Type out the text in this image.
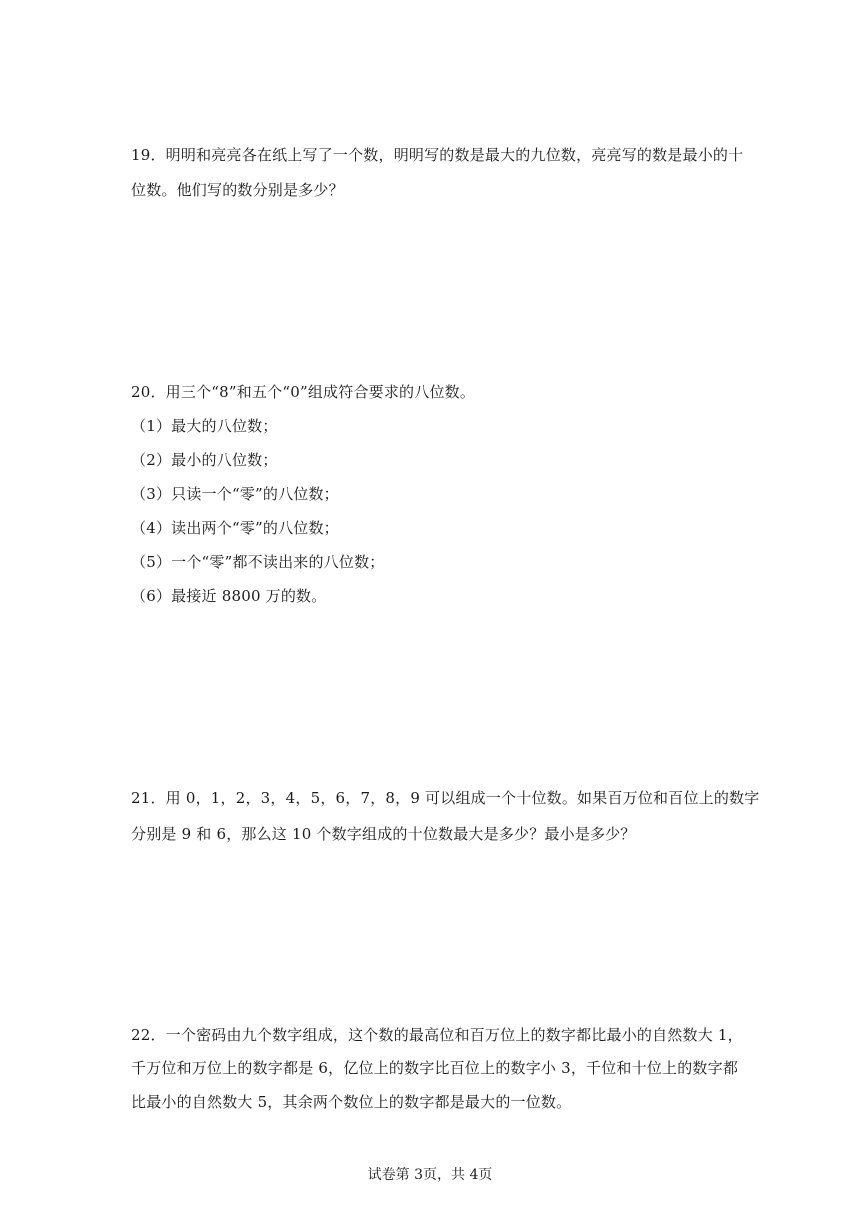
19．明明和亮亮各在纸上写了一个数，明明写的数是最大的九位数，亮亮写的数是最小的十
位数。他们写的数分别是多少？
20．用三个“8”和五个“0”组成符合要求的八位数。
（1）最大的八位数；
（2）最小的八位数；
（3）只读一个“零”的八位数；
（4）读出两个“零”的八位数；
（5）一个“零”都不读出来的八位数；
（6）最接近 8800 万的数。
21．用 0，1，2，3，4，5，6，7，8，9 可以组成一个十位数。如果百万位和百位上的数字
分别是 9 和 6，那么这 10 个数字组成的十位数最大是多少？最小是多少？
22．一个密码由九个数字组成，这个数的最高位和百万位上的数字都比最小的自然数大 1，
千万位和万位上的数字都是 6，亿位上的数字比百位上的数字小 3，千位和十位上的数字都
比最小的自然数大 5，其余两个数位上的数字都是最大的一位数。
试卷第 3页，共 4页
